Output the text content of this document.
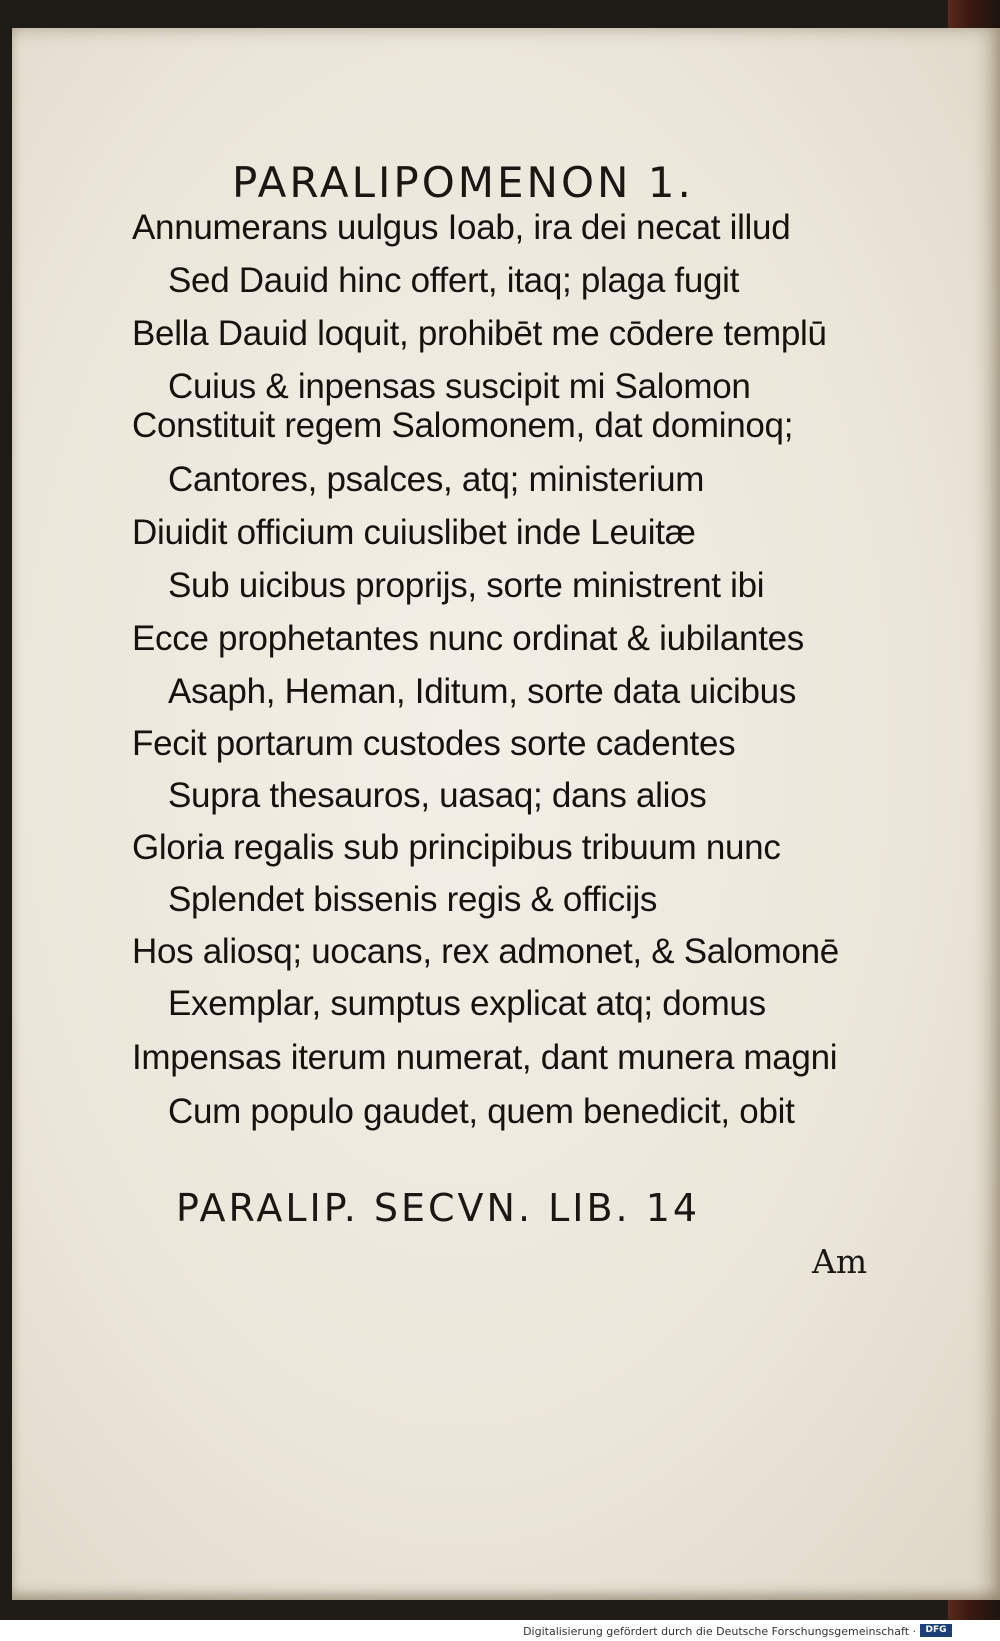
PARALIPOMENON 1.
Annumerans uulgus Ioab, ira dei necat illud
Sed Dauid hinc offert, itaq; plaga fugit
Bella Dauid loquit, prohibēt me cōdere templū
Cuius & inpensas suscipit mi Salomon
Constituit regem Salomonem, dat dominoq;
Cantores, psalces, atq; ministerium
Diuidit officium cuiuslibet inde Leuitæ
Sub uicibus proprijs, sorte ministrent ibi
Ecce prophetantes nunc ordinat & iubilantes
Asaph, Heman, Iditum, sorte data uicibus
Fecit portarum custodes sorte cadentes
Supra thesauros, uasaq; dans alios
Gloria regalis sub principibus tribuum nunc
Splendet bissenis regis & officijs
Hos aliosq; uocans, rex admonet, & Salomonē
Exemplar, sumptus explicat atq; domus
Impensas iterum numerat, dant munera magni
Cum populo gaudet, quem benedicit, obit
PARALIP. SECVN. LIB. 14
Am
Digitalisierung gefördert durch die Deutsche Forschungsgemeinschaft ·	DFG
